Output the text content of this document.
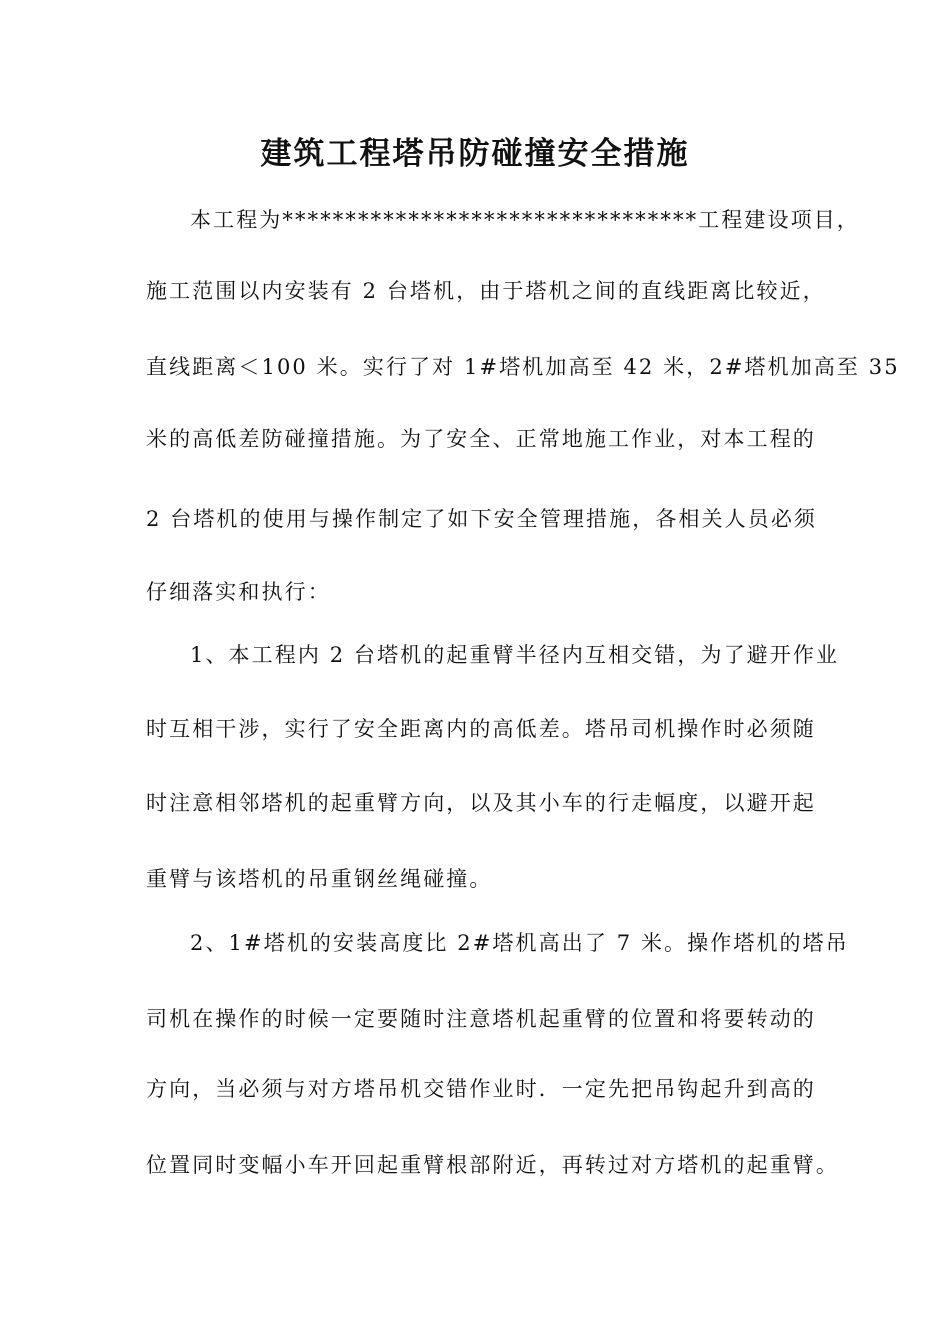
建筑工程塔吊防碰撞安全措施

本工程为*********************************工程建设项目，

施工范围以内安装有 2 台塔机，由于塔机之间的直线距离比较近，

直线距离＜100 米。实行了对 1#塔机加高至 42 米，2#塔机加高至 35

米的高低差防碰撞措施。为了安全、正常地施工作业，对本工程的

2 台塔机的使用与操作制定了如下安全管理措施，各相关人员必须

仔细落实和执行：

1、本工程内 2 台塔机的起重臂半径内互相交错，为了避开作业

时互相干涉，实行了安全距离内的高低差。塔吊司机操作时必须随

时注意相邻塔机的起重臂方向，以及其小车的行走幅度，以避开起

重臂与该塔机的吊重钢丝绳碰撞。

2、1#塔机的安装高度比 2#塔机高出了 7 米。操作塔机的塔吊

司机在操作的时候一定要随时注意塔机起重臂的位置和将要转动的

方向，当必须与对方塔吊机交错作业时．一定先把吊钩起升到高的

位置同时变幅小车开回起重臂根部附近，再转过对方塔机的起重臂。
